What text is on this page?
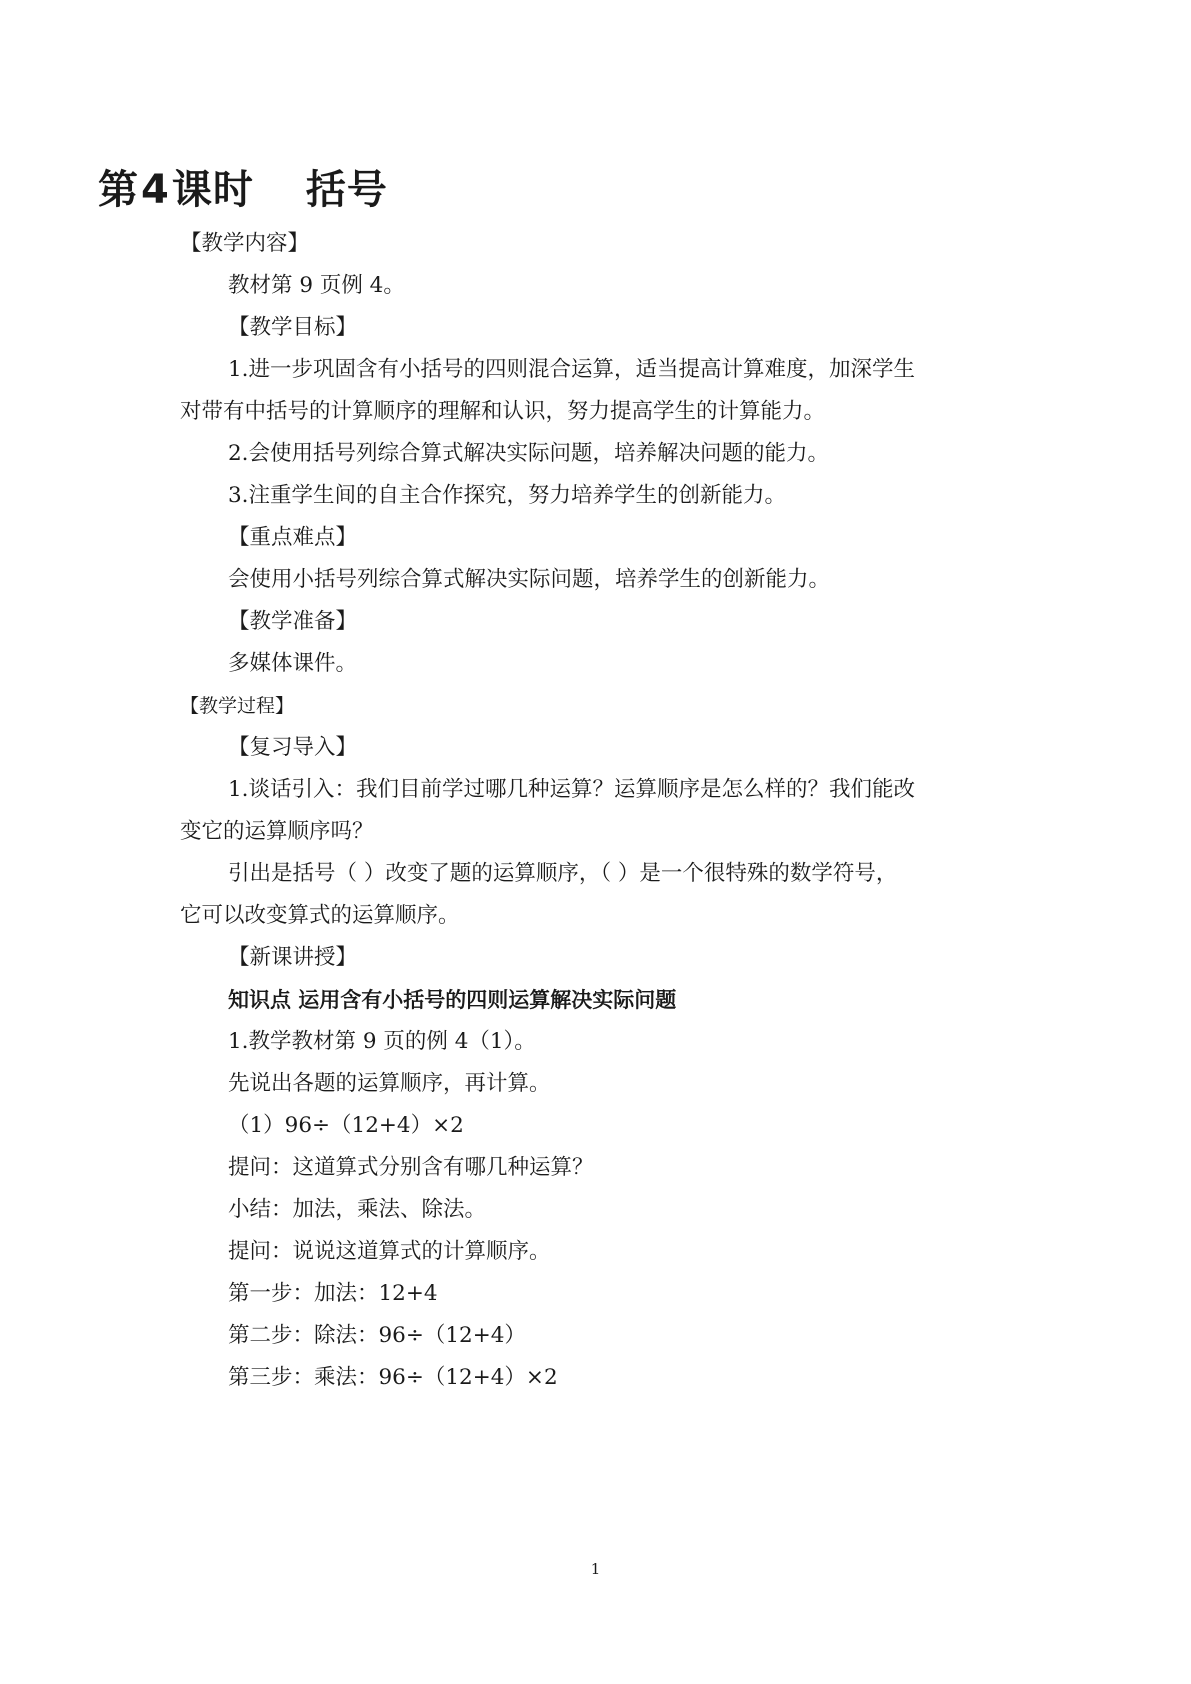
第4课时 括号
【教学内容】
教材第 9 页例 4。
【教学目标】
1.进一步巩固含有小括号的四则混合运算，适当提高计算难度，加深学生
对带有中括号的计算顺序的理解和认识，努力提高学生的计算能力。
2.会使用括号列综合算式解决实际问题，培养解决问题的能力。
3.注重学生间的自主合作探究，努力培养学生的创新能力。
【重点难点】
会使用小括号列综合算式解决实际问题，培养学生的创新能力。
【教学准备】
多媒体课件。
【教学过程】
【复习导入】
1.谈话引入：我们目前学过哪几种运算？运算顺序是怎么样的？我们能改
变它的运算顺序吗？
引出是括号（ ）改变了题的运算顺序，（ ）是一个很特殊的数学符号，
它可以改变算式的运算顺序。
【新课讲授】
知识点 运用含有小括号的四则运算解决实际问题
1.教学教材第 9 页的例 4（1）。
先说出各题的运算顺序，再计算。
（1）96÷（12+4）×2
提问：这道算式分别含有哪几种运算？
小结：加法，乘法、除法。
提问：说说这道算式的计算顺序。
第一步：加法：12+4
第二步：除法：96÷（12+4）
第三步：乘法：96÷（12+4）×2
1
